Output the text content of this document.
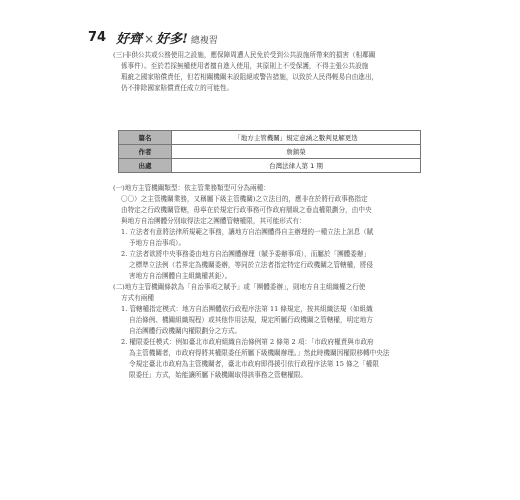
74 好齊 × 好多! 總複習
(三)非供公共或公務使用之設施，應保障周遭人民免於受到公共設施所帶來的損害（相鄰關
係事件）。至於若採無權使用者擅自進入使用，其原則上不受保護，不得主張公共設施
瑕疵之國家賠償責任，但若相關機關未設阻絕或警告措施，以致於人民得輕易自由進出，
仍不排除國家賠償責任成立的可能性。
篇名	「地方主管機關」規定意涵之數判見解更迭
作者	詹鎮榮
出處	台灣法律人第 1 期
(一)地方主管機關類型：依主管業務類型可分為兩種：
〇〇）之主管機關業務，又稱屬下級主管機關)之立法目的，應非在於將行政事務指定
由特定之行政機關管轄，毋寧在於規定行政事務可作政府層級之垂直權限劃分，由中央
與地方自治團體分別取得法定之團體管轄權限，其可能形式有：
1. 立法者有意將法律所規範之事務，讓地方自治團體得自主辦理的一種立法上訊息（賦
予地方自治事項）。
2. 立法者欲將中央事務委由地方自治團體辦理（賦予委辦事項），而屬於「團體委辦」
之標準立法例（若界定為機關委辦，等同於立法者指定特定行政機關之管轄權，將侵
害地方自治團體自主組織權甚鉅）。
(二)地方主管機關條款為「自治事項之賦予」或「團體委辦」，則地方自主組織權之行使
方式有兩種
1. 管轄權指定模式：地方自治團體依行政程序法第 11 條規定，按其組織法規（如組織
自治條例、機關組織規程）或其他作用法規，規定所屬行政機關之管轄權，明定地方
自治團體行政機關內權限劃分之方式。
2. 權限委任模式：例如臺北市政府組織自治條例第 2 條第 2 項：「市政府權責與市政府
為主管機關者，市政府得將其權限委任所屬下級機關辦理。」然此時機關因權限移轉中央法
令規定臺北市政府為主管機關者，臺北市政府即得援引依行政程序法第 15 條之「權限
限委任」方式，始能讓所屬下級機關取得該事務之管轄權限。
